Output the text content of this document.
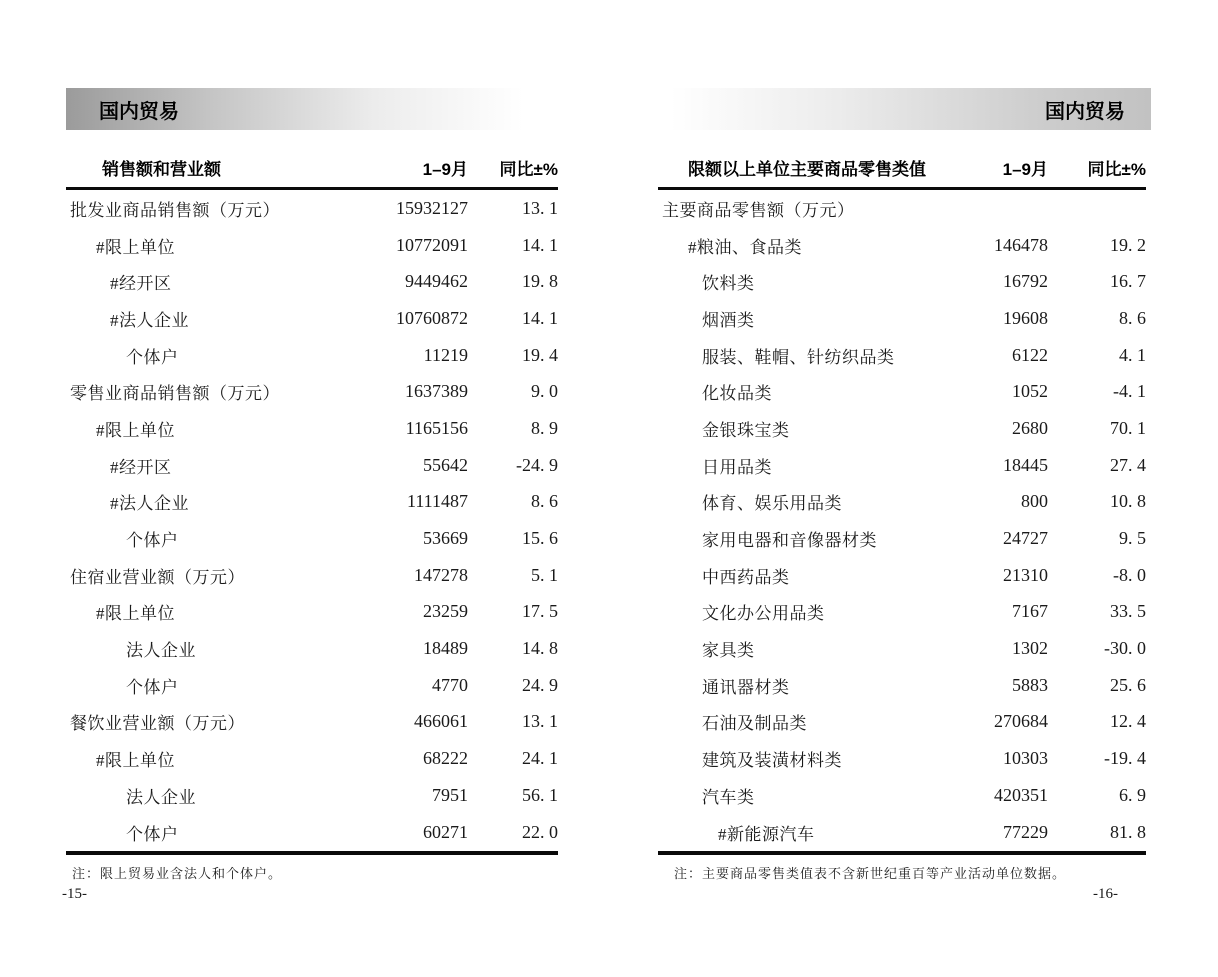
国内贸易	国内贸易
销售额和营业额	1–9月	同比±%
批发业商品销售额（万元）	15932127	13. 1
#限上单位	10772091	14. 1
#经开区	9449462	19. 8
#法人企业	10760872	14. 1
个体户	11219	19. 4
零售业商品销售额（万元）	1637389	9. 0
#限上单位	1165156	8. 9
#经开区	55642	-24. 9
#法人企业	1111487	8. 6
个体户	53669	15. 6
住宿业营业额（万元）	147278	5. 1
#限上单位	23259	17. 5
法人企业	18489	14. 8
个体户	4770	24. 9
餐饮业营业额（万元）	466061	13. 1
#限上单位	68222	24. 1
法人企业	7951	56. 1
个体户	60271	22. 0
注：限上贸易业含法人和个体户。
-15-
限额以上单位主要商品零售类值	1–9月	同比±%
主要商品零售额（万元）
#粮油、食品类	146478	19. 2
饮料类	16792	16. 7
烟酒类	19608	8. 6
服装、鞋帽、针纺织品类	6122	4. 1
化妆品类	1052	-4. 1
金银珠宝类	2680	70. 1
日用品类	18445	27. 4
体育、娱乐用品类	800	10. 8
家用电器和音像器材类	24727	9. 5
中西药品类	21310	-8. 0
文化办公用品类	7167	33. 5
家具类	1302	-30. 0
通讯器材类	5883	25. 6
石油及制品类	270684	12. 4
建筑及装潢材料类	10303	-19. 4
汽车类	420351	6. 9
#新能源汽车	77229	81. 8
注：主要商品零售类值表不含新世纪重百等产业活动单位数据。
-16-
